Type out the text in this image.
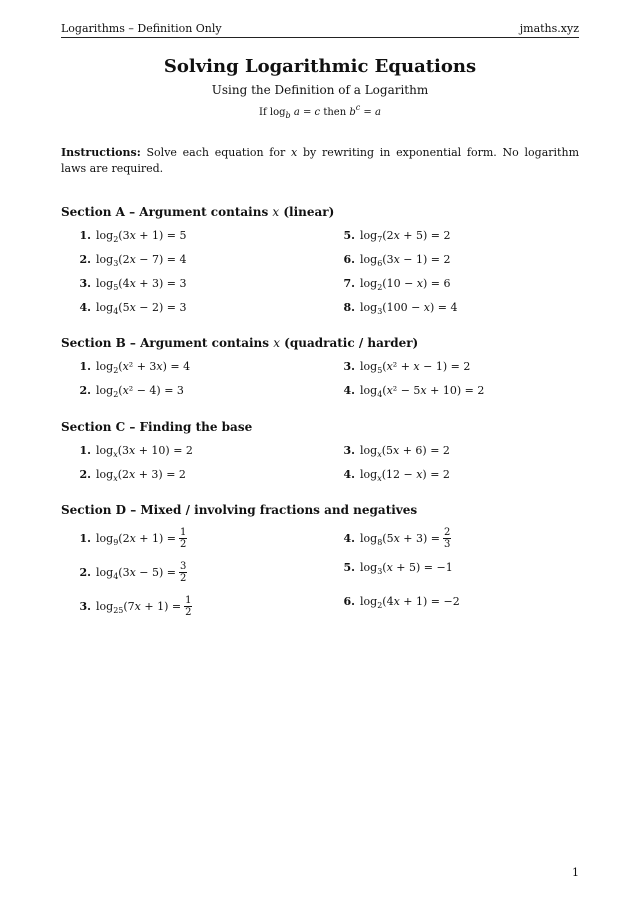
Logarithms – Definition Only	jmaths.xyz
Solving Logarithmic Equations
Using the Definition of a Logarithm
If $\log_b a = c$ then $b^c = a$
Instructions: Solve each equation for x by rewriting in exponential form. No logarithm laws are required.
Section A – Argument contains x (linear)
1. $\log_2(3x + 1) = 5$
2. $\log_3(2x - 7) = 4$
3. $\log_5(4x + 3) = 3$
4. $\log_4(5x - 2) = 3$
5. $\log_7(2x + 5) = 2$
6. $\log_6(3x - 1) = 2$
7. $\log_2(10 - x) = 6$
8. $\log_3(100 - x) = 4$
Section B – Argument contains x (quadratic / harder)
1. $\log_2(x^2 + 3x) = 4$
2. $\log_2(x^2 - 4) = 3$
3. $\log_5(x^2 + x - 1) = 2$
4. $\log_4(x^2 - 5x + 10) = 2$
Section C – Finding the base
1. $\log_x(3x + 10) = 2$
2. $\log_x(2x + 3) = 2$
3. $\log_x(5x + 6) = 2$
4. $\log_x(12 - x) = 2$
Section D – Mixed / involving fractions and negatives
1. $\log_9(2x + 1) = \frac{1}{2}$
2. $\log_4(3x - 5) = \frac{3}{2}$
3. $\log_{25}(7x + 1) = \frac{1}{2}$
4. $\log_8(5x + 3) = \frac{2}{3}$
5. $\log_3(x + 5) = -1$
6. $\log_2(4x + 1) = -2$
1
